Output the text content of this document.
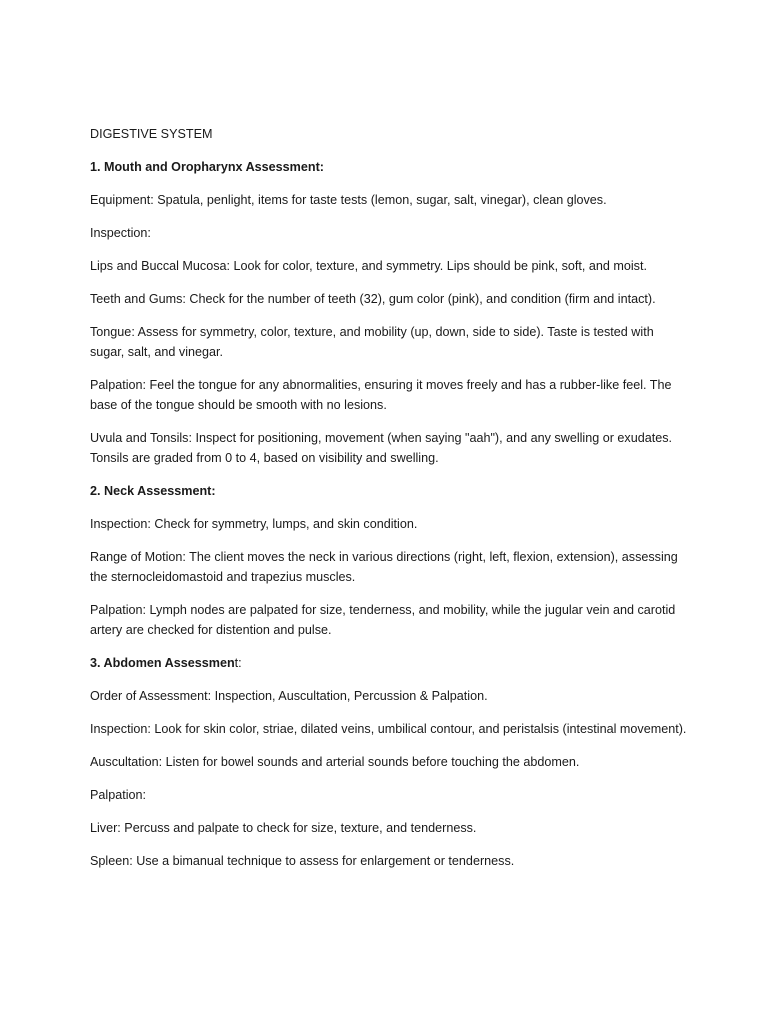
DIGESTIVE SYSTEM

1. Mouth and Oropharynx Assessment:

Equipment: Spatula, penlight, items for taste tests (lemon, sugar, salt, vinegar), clean gloves.

Inspection:

Lips and Buccal Mucosa: Look for color, texture, and symmetry. Lips should be pink, soft, and moist.

Teeth and Gums: Check for the number of teeth (32), gum color (pink), and condition (firm and intact).

Tongue: Assess for symmetry, color, texture, and mobility (up, down, side to side). Taste is tested with sugar, salt, and vinegar.

Palpation: Feel the tongue for any abnormalities, ensuring it moves freely and has a rubber-like feel. The base of the tongue should be smooth with no lesions.

Uvula and Tonsils: Inspect for positioning, movement (when saying "aah"), and any swelling or exudates. Tonsils are graded from 0 to 4, based on visibility and swelling.

2. Neck Assessment:

Inspection: Check for symmetry, lumps, and skin condition.

Range of Motion: The client moves the neck in various directions (right, left, flexion, extension), assessing the sternocleidomastoid and trapezius muscles.

Palpation: Lymph nodes are palpated for size, tenderness, and mobility, while the jugular vein and carotid artery are checked for distention and pulse.

3. Abdomen Assessment:

Order of Assessment: Inspection, Auscultation, Percussion & Palpation.

Inspection: Look for skin color, striae, dilated veins, umbilical contour, and peristalsis (intestinal movement).

Auscultation: Listen for bowel sounds and arterial sounds before touching the abdomen.

Palpation:

Liver: Percuss and palpate to check for size, texture, and tenderness.

Spleen: Use a bimanual technique to assess for enlargement or tenderness.
